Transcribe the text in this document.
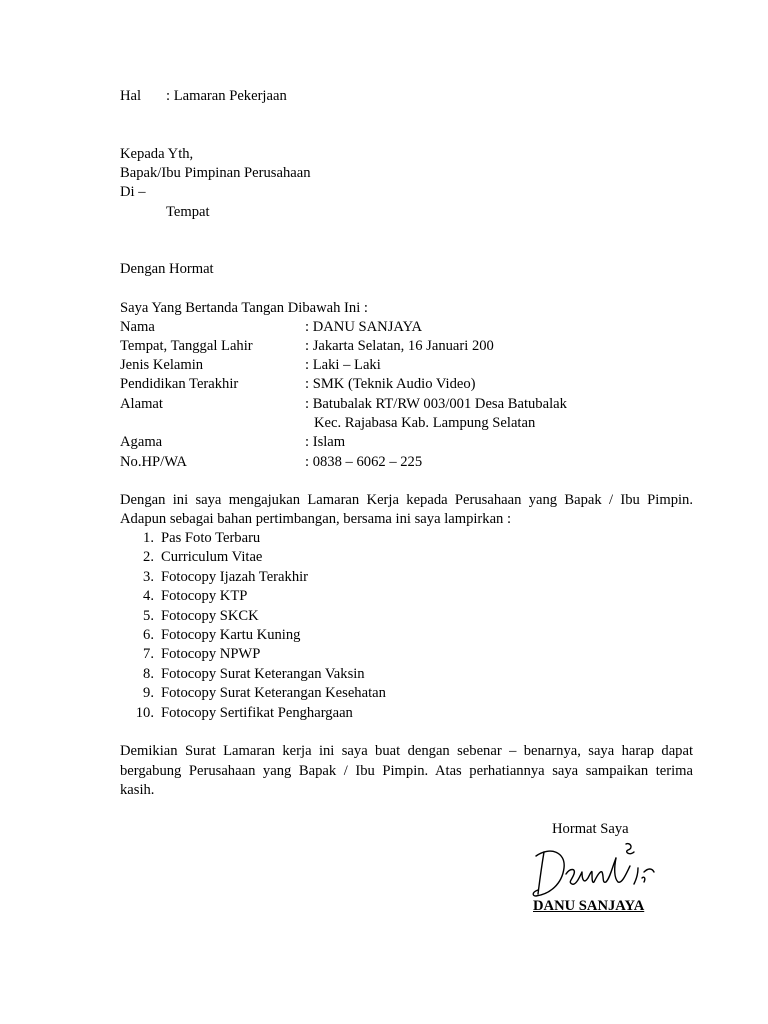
Hal : Lamaran Pekerjaan
Kepada Yth,
Bapak/Ibu Pimpinan Perusahaan
Di –
Tempat
Dengan Hormat
Saya Yang Bertanda Tangan Dibawah Ini :
Nama	: DANU SANJAYA
Tempat, Tanggal Lahir	: Jakarta Selatan, 16 Januari 200
Jenis Kelamin	: Laki – Laki
Pendidikan Terakhir	: SMK (Teknik Audio Video)
Alamat	: Batubalak RT/RW 003/001 Desa Batubalak
Kec. Rajabasa Kab. Lampung Selatan
Agama	: Islam
No.HP/WA	: 0838 – 6062 – 225
Dengan ini saya mengajukan Lamaran Kerja kepada Perusahaan yang Bapak / Ibu Pimpin.
Adapun sebagai bahan pertimbangan, bersama ini saya lampirkan :
1. Pas Foto Terbaru
2. Curriculum Vitae
3. Fotocopy Ijazah Terakhir
4. Fotocopy KTP
5. Fotocopy SKCK
6. Fotocopy Kartu Kuning
7. Fotocopy NPWP
8. Fotocopy Surat Keterangan Vaksin
9. Fotocopy Surat Keterangan Kesehatan
10. Fotocopy Sertifikat Penghargaan
Demikian Surat Lamaran kerja ini saya buat dengan sebenar – benarnya, saya harap dapat
bergabung Perusahaan yang Bapak / Ibu Pimpin. Atas perhatiannya saya sampaikan terima
kasih.
Hormat Saya
DANU SANJAYA
